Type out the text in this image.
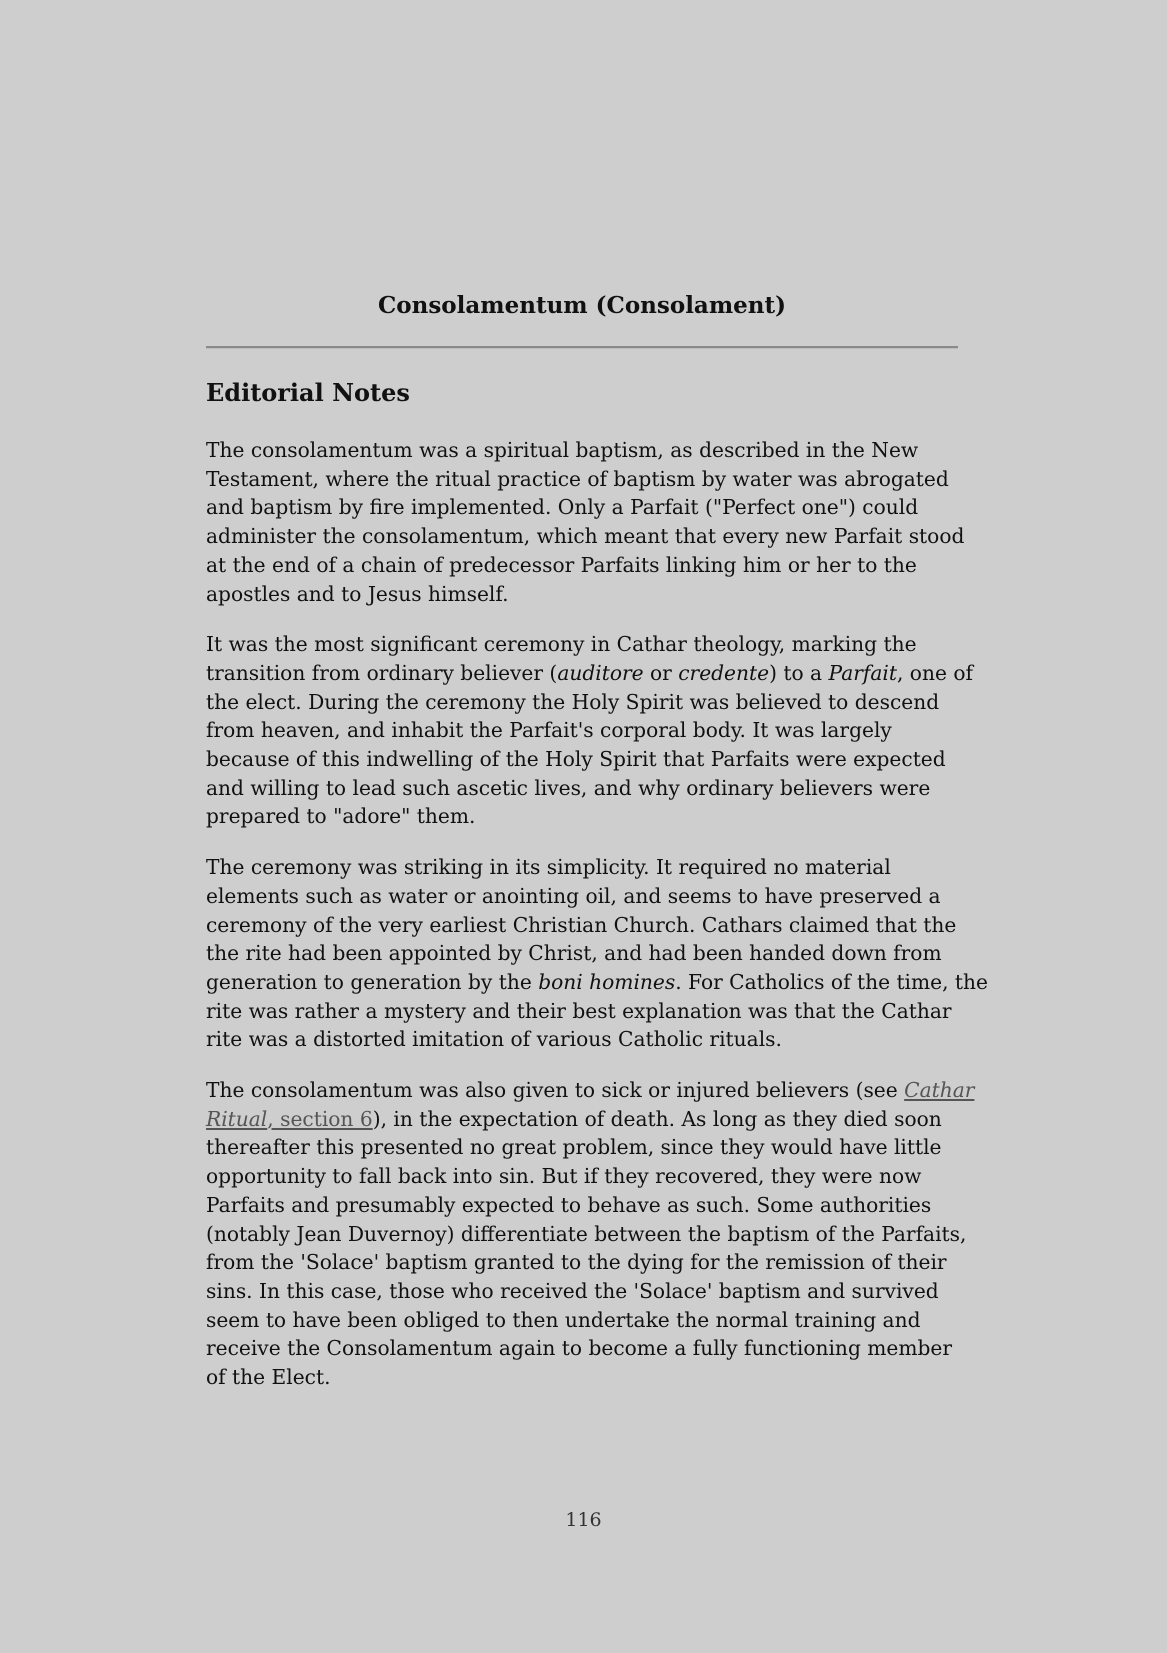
Consolamentum (Consolament)
Editorial Notes

The consolamentum was a spiritual baptism, as described in the New
Testament, where the ritual practice of baptism by water was abrogated
and baptism by fire implemented. Only a Parfait ("Perfect one") could
administer the consolamentum, which meant that every new Parfait stood
at the end of a chain of predecessor Parfaits linking him or her to the
apostles and to Jesus himself.

It was the most significant ceremony in Cathar theology, marking the
transition from ordinary believer (auditore or credente) to a Parfait, one of
the elect. During the ceremony the Holy Spirit was believed to descend
from heaven, and inhabit the Parfait's corporal body. It was largely
because of this indwelling of the Holy Spirit that Parfaits were expected
and willing to lead such ascetic lives, and why ordinary believers were
prepared to "adore" them.

The ceremony was striking in its simplicity. It required no material
elements such as water or anointing oil, and seems to have preserved a
ceremony of the very earliest Christian Church. Cathars claimed that the
the rite had been appointed by Christ, and had been handed down from
generation to generation by the boni homines. For Catholics of the time, the
rite was rather a mystery and their best explanation was that the Cathar
rite was a distorted imitation of various Catholic rituals.

The consolamentum was also given to sick or injured believers (see Cathar
Ritual, section 6), in the expectation of death. As long as they died soon
thereafter this presented no great problem, since they would have little
opportunity to fall back into sin. But if they recovered, they were now
Parfaits and presumably expected to behave as such. Some authorities
(notably Jean Duvernoy) differentiate between the baptism of the Parfaits,
from the 'Solace' baptism granted to the dying for the remission of their
sins. In this case, those who received the 'Solace' baptism and survived
seem to have been obliged to then undertake the normal training and
receive the Consolamentum again to become a fully functioning member
of the Elect.

116
